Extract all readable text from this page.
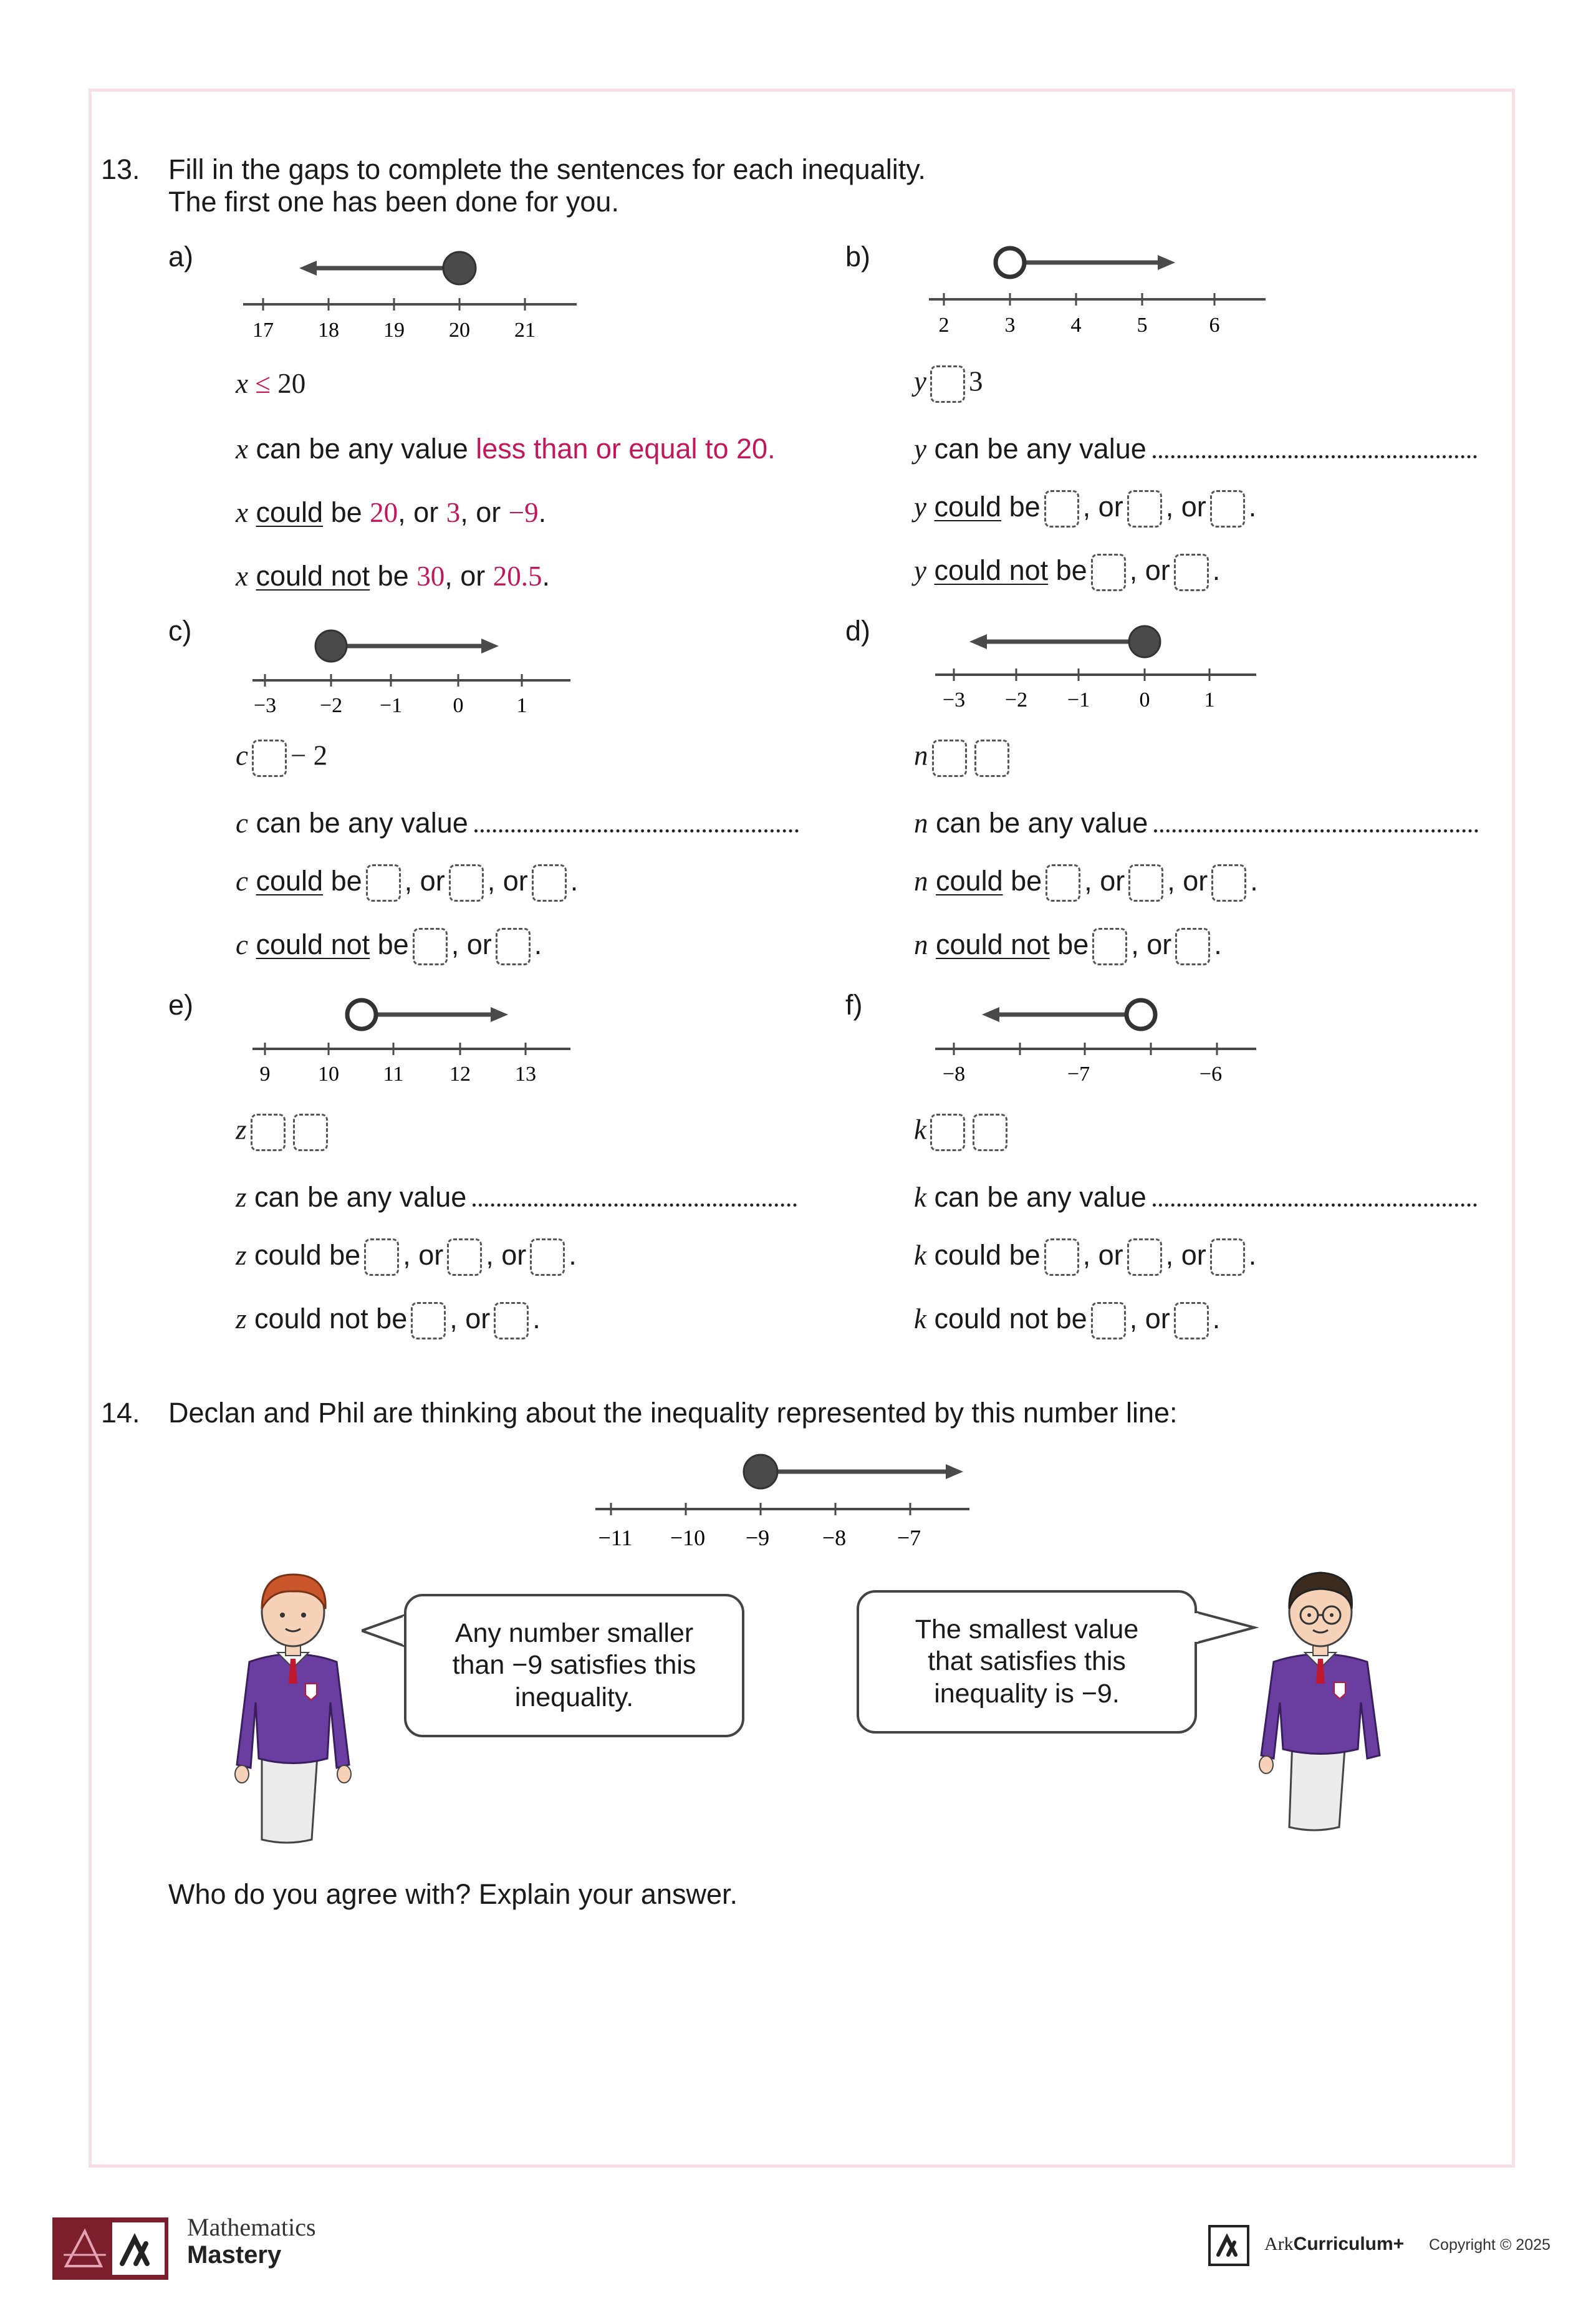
13. Fill in the gaps to complete the sentences for each inequality.
The first one has been done for you.
a)
17 18 19 20 21
x ≤ 20
x can be any value less than or equal to 20.
x could be 20, or 3, or −9.
x could not be 30, or 20.5.
b)
2	3	4	5	6
y 3
y can be any value
y could be , or , or .
y could not be , or .
c)
−3 −2 −1 0	1
c − 2
c can be any value
c could be , or , or .
c could not be , or .
d)
−3 −2 −1 0	1
n
n can be any value
n could be , or , or .
n could not be , or .
e)
9 10 11 12 13
z
z can be any value
z could be , or , or .
z could not be , or .
f)
−8	−7	−6
k
k can be any value
k could be , or , or .
k could not be , or .
14. Declan and Phil are thinking about the inequality represented by this number line:
−11 −10 −9 −8 −7
Any number smaller
than −9 satisfies this
inequality.
The smallest value
that satisfies this
inequality is −9.
Who do you agree with? Explain your answer.
Mathematics
Mastery	ArkCurriculum+ Copyright © 2025
